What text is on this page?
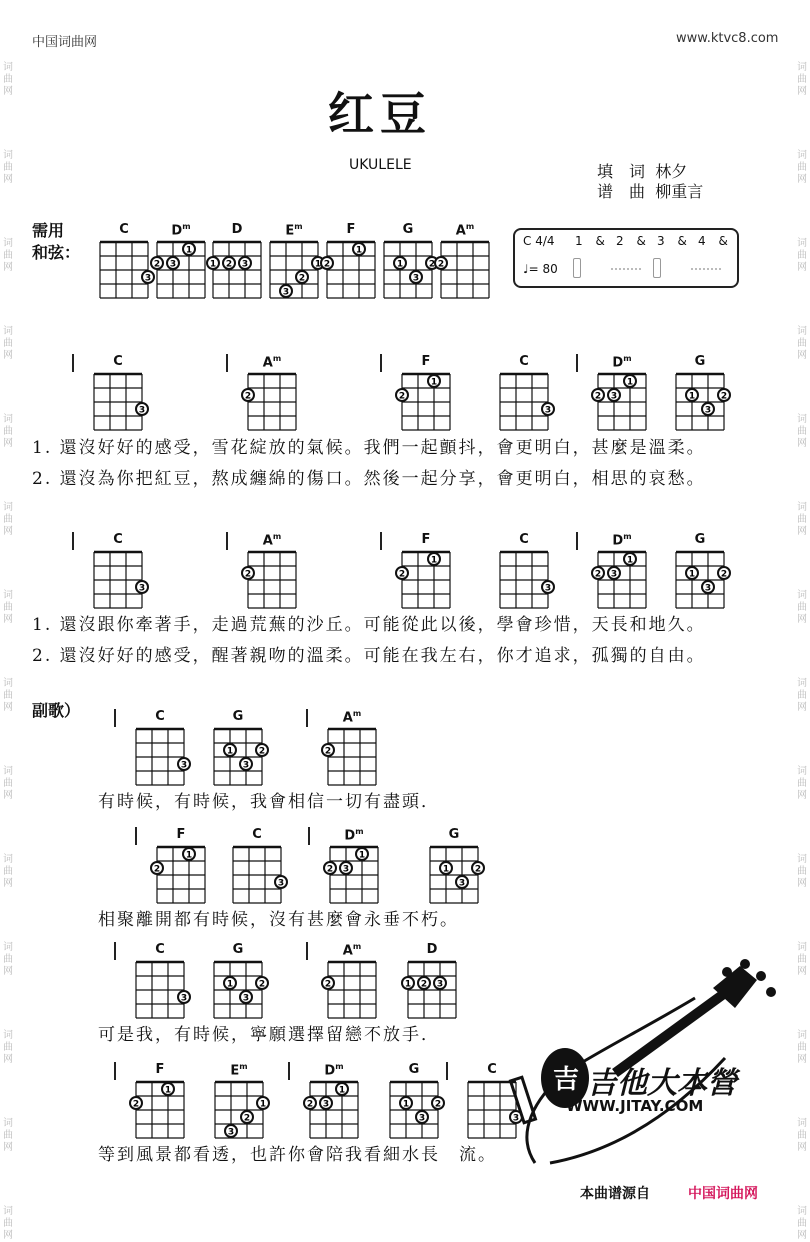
中国词曲网	www.ktvc8.com
词
曲
网
词
曲
网
词
曲
网
词
曲
网
词
曲
网
词
曲
网
词
曲
网
词
曲
网
词
曲
网
词
曲
网
词
曲
网
词
曲
网
词
曲
网
词
曲
网
词
曲
网
词
曲
网
词
曲
网
词
曲
网
词
曲
网
词
曲
网
词
曲
网
词
曲
网
词
曲
网
词
曲
网
词
曲
网
词
曲
网
词
曲
网
词
曲
网
红豆
UKULELE	填　词 林夕
谱　曲 柳重言
需用
和弦：
C
3
$D^m$
2 3
1
D
1 2 3
$E^m$
3
2
1
F
2
1
G
1
3
2
$A^m$
2
C 4/4 1 & 2 & 3 & 4 &
♩= 80
C
3
$A^m$
2
F
2
1
C
3
$D^m$
2 3
1
G
1
3
2
1. 還沒好好的感受，雪花綻放的氣候。我們一起顫抖，會更明白，甚麼是溫柔。
2. 還沒為你把紅豆，熬成纏綿的傷口。然後一起分享，會更明白，相思的哀愁。
C
3
$A^m$
2
F
2
1
C
3
$D^m$
2 3
1
G
1
3
2
1. 還沒跟你牽著手，走過荒蕪的沙丘。可能從此以後，學會珍惜，天長和地久。
2. 還沒好好的感受，醒著親吻的溫柔。可能在我左右，你才追求，孤獨的自由。
副歌）	C
3
G
1
3
2
$A^m$
2
有時候，有時候，我會相信一切有盡頭．
F
2
1
C
3
$D^m$
2 3
1
G
1
3
2
相聚離開都有時候，沒有甚麼會永垂不朽。
C
3
G
1
3
2
$A^m$
2
D
1 2 3
可是我，有時候，寧願選擇留戀不放手．
F
2
1
$E^m$
3
2
1
$D^m$
2 3
1
G
1
3
2
C
3
等到風景都看透，也許你會陪我看細水長　流。
吉 吉他大本營
WWW.JITAY.COM
本曲谱源自	中国词曲网
